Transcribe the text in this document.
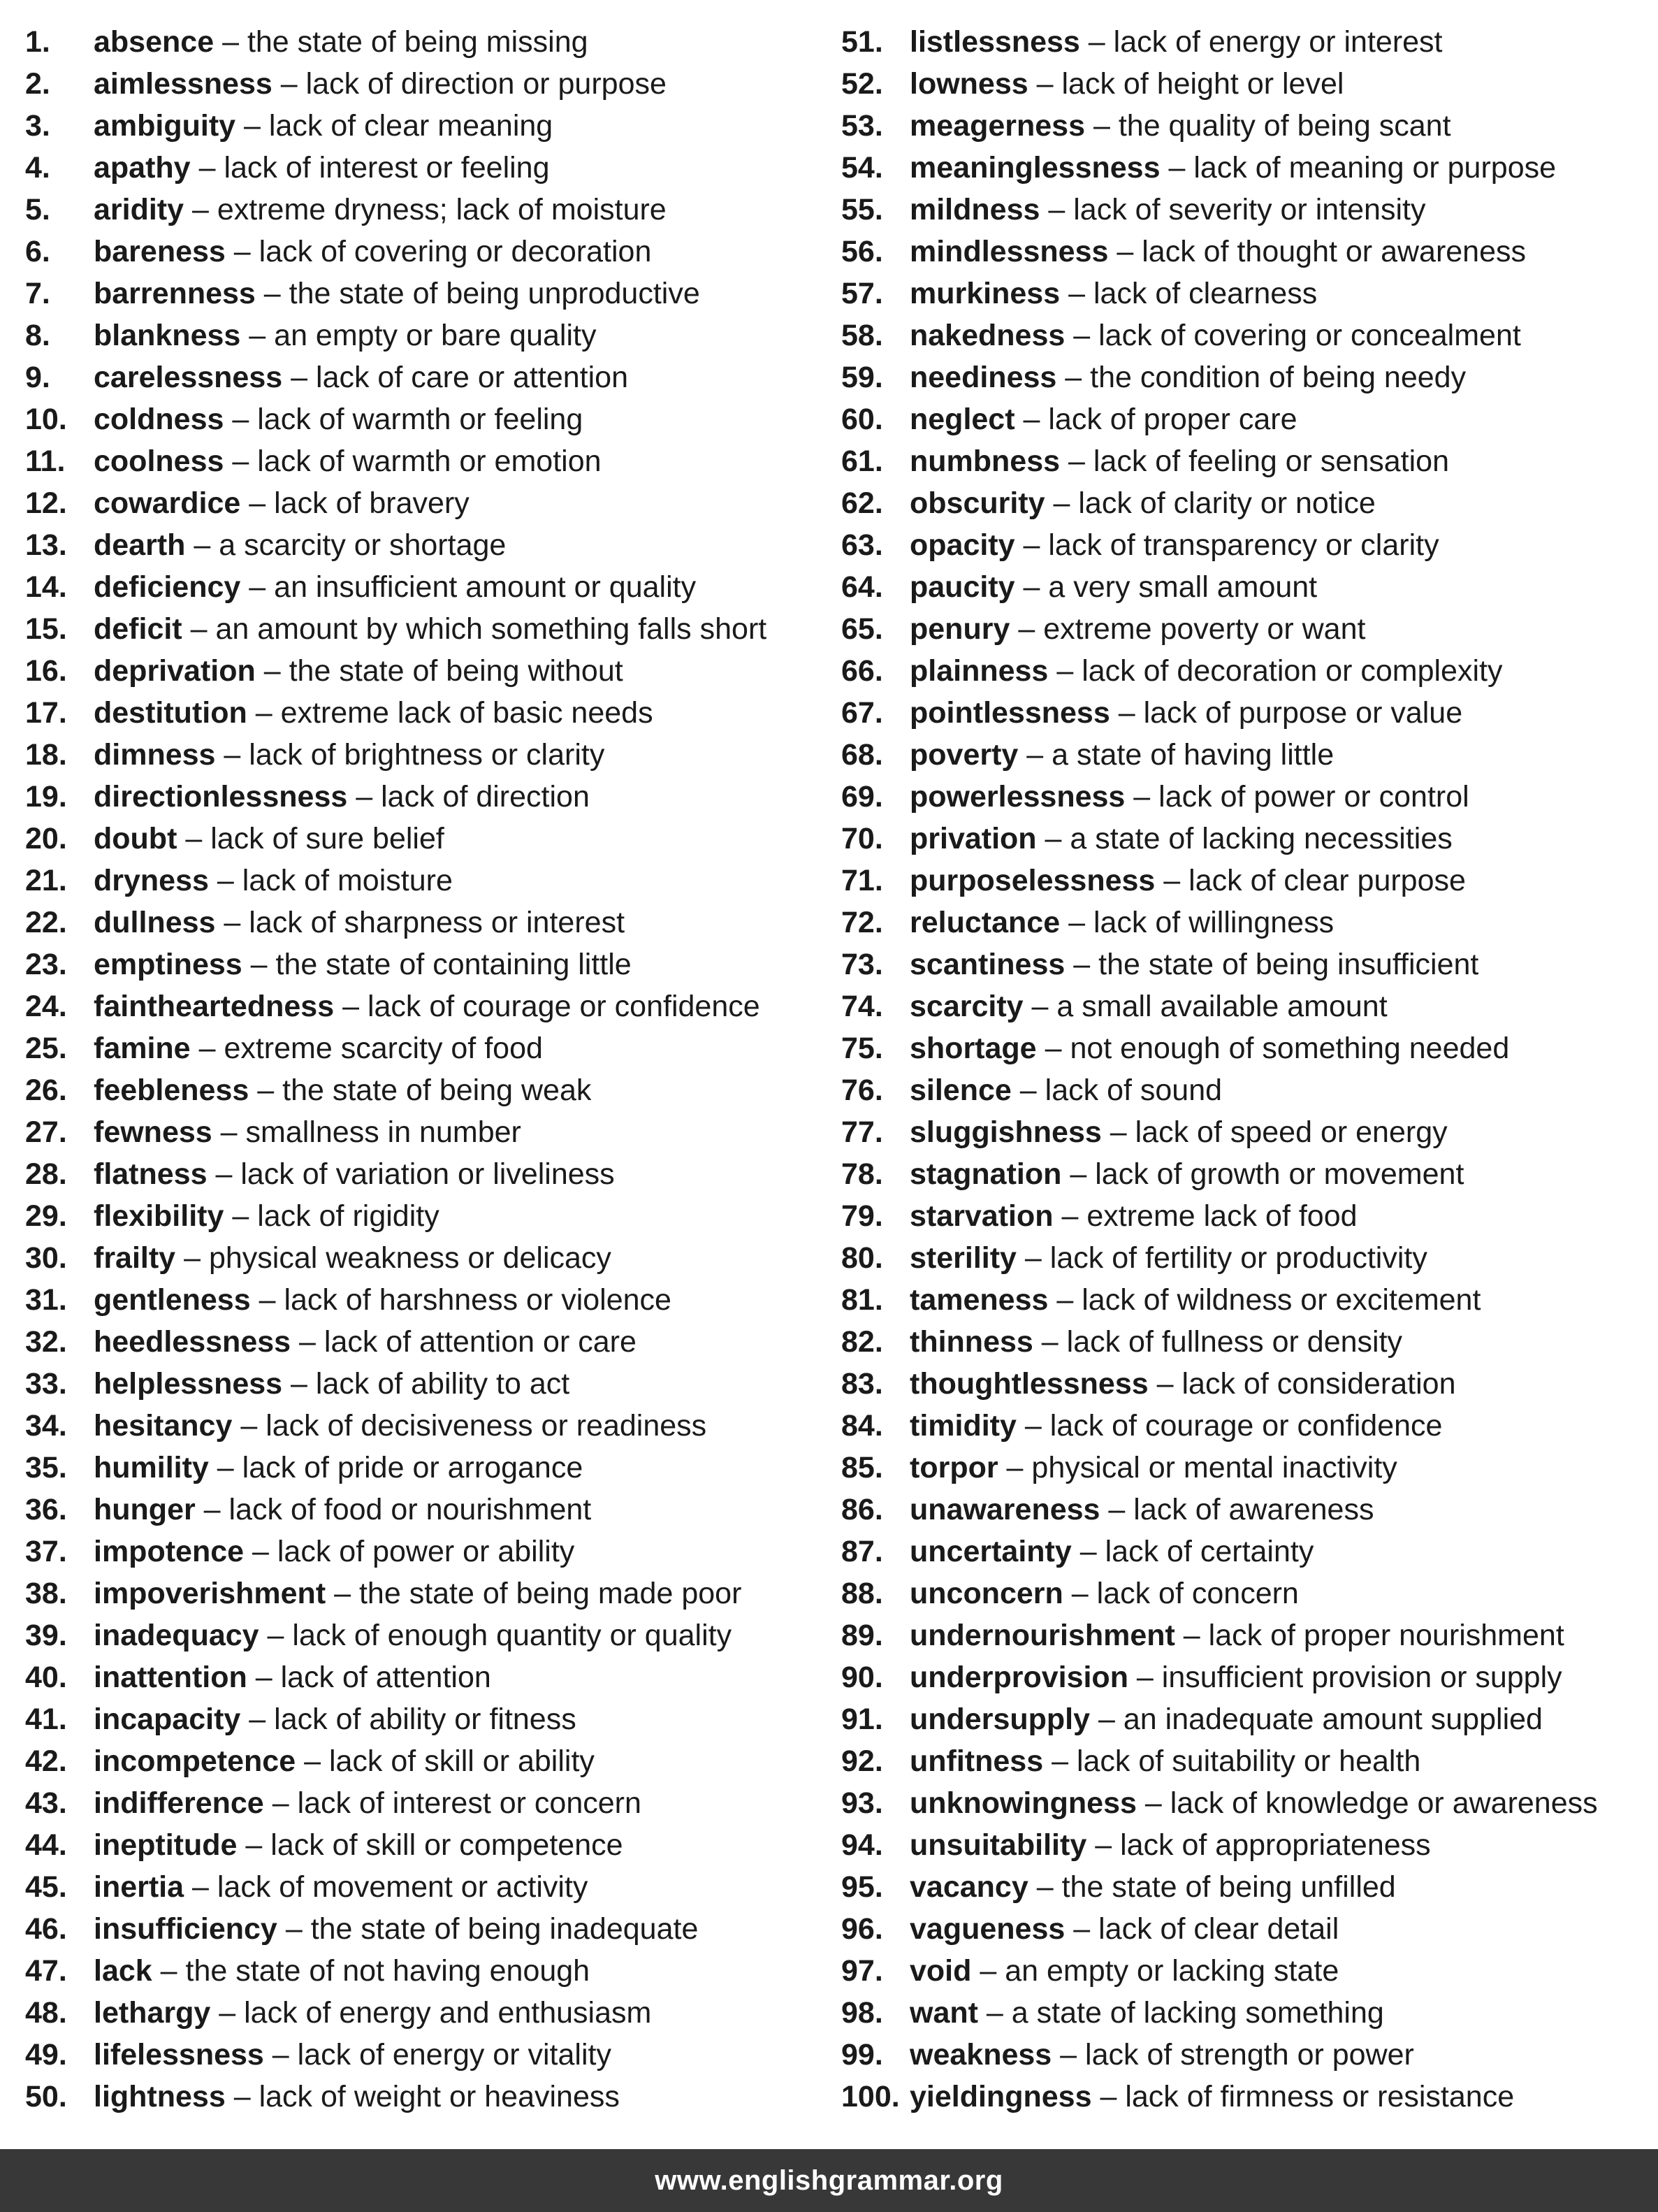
1. absence – the state of being missing
2. aimlessness – lack of direction or purpose
3. ambiguity – lack of clear meaning
4. apathy – lack of interest or feeling
5. aridity – extreme dryness; lack of moisture
6. bareness – lack of covering or decoration
7. barrenness – the state of being unproductive
8. blankness – an empty or bare quality
9. carelessness – lack of care or attention
10. coldness – lack of warmth or feeling
11. coolness – lack of warmth or emotion
12. cowardice – lack of bravery
13. dearth – a scarcity or shortage
14. deficiency – an insufficient amount or quality
15. deficit – an amount by which something falls short
16. deprivation – the state of being without
17. destitution – extreme lack of basic needs
18. dimness – lack of brightness or clarity
19. directionlessness – lack of direction
20. doubt – lack of sure belief
21. dryness – lack of moisture
22. dullness – lack of sharpness or interest
23. emptiness – the state of containing little
24. faintheartedness – lack of courage or confidence
25. famine – extreme scarcity of food
26. feebleness – the state of being weak
27. fewness – smallness in number
28. flatness – lack of variation or liveliness
29. flexibility – lack of rigidity
30. frailty – physical weakness or delicacy
31. gentleness – lack of harshness or violence
32. heedlessness – lack of attention or care
33. helplessness – lack of ability to act
34. hesitancy – lack of decisiveness or readiness
35. humility – lack of pride or arrogance
36. hunger – lack of food or nourishment
37. impotence – lack of power or ability
38. impoverishment – the state of being made poor
39. inadequacy – lack of enough quantity or quality
40. inattention – lack of attention
41. incapacity – lack of ability or fitness
42. incompetence – lack of skill or ability
43. indifference – lack of interest or concern
44. ineptitude – lack of skill or competence
45. inertia – lack of movement or activity
46. insufficiency – the state of being inadequate
47. lack – the state of not having enough
48. lethargy – lack of energy and enthusiasm
49. lifelessness – lack of energy or vitality
50. lightness – lack of weight or heaviness
51. listlessness – lack of energy or interest
52. lowness – lack of height or level
53. meagerness – the quality of being scant
54. meaninglessness – lack of meaning or purpose
55. mildness – lack of severity or intensity
56. mindlessness – lack of thought or awareness
57. murkiness – lack of clearness
58. nakedness – lack of covering or concealment
59. neediness – the condition of being needy
60. neglect – lack of proper care
61. numbness – lack of feeling or sensation
62. obscurity – lack of clarity or notice
63. opacity – lack of transparency or clarity
64. paucity – a very small amount
65. penury – extreme poverty or want
66. plainness – lack of decoration or complexity
67. pointlessness – lack of purpose or value
68. poverty – a state of having little
69. powerlessness – lack of power or control
70. privation – a state of lacking necessities
71. purposelessness – lack of clear purpose
72. reluctance – lack of willingness
73. scantiness – the state of being insufficient
74. scarcity – a small available amount
75. shortage – not enough of something needed
76. silence – lack of sound
77. sluggishness – lack of speed or energy
78. stagnation – lack of growth or movement
79. starvation – extreme lack of food
80. sterility – lack of fertility or productivity
81. tameness – lack of wildness or excitement
82. thinness – lack of fullness or density
83. thoughtlessness – lack of consideration
84. timidity – lack of courage or confidence
85. torpor – physical or mental inactivity
86. unawareness – lack of awareness
87. uncertainty – lack of certainty
88. unconcern – lack of concern
89. undernourishment – lack of proper nourishment
90. underprovision – insufficient provision or supply
91. undersupply – an inadequate amount supplied
92. unfitness – lack of suitability or health
93. unknowingness – lack of knowledge or awareness
94. unsuitability – lack of appropriateness
95. vacancy – the state of being unfilled
96. vagueness – lack of clear detail
97. void – an empty or lacking state
98. want – a state of lacking something
99. weakness – lack of strength or power
100. yieldingness – lack of firmness or resistance
www.englishgrammar.org
